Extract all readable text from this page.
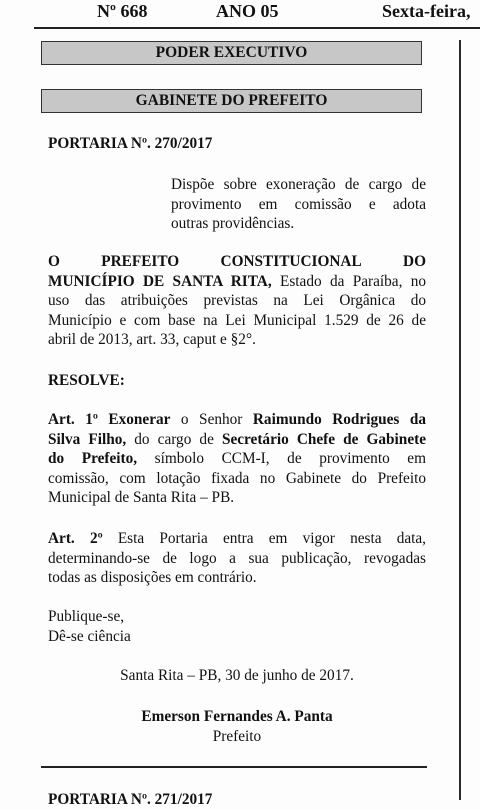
Nº 668	ANO 05	Sexta-feira,
PODER EXECUTIVO
GABINETE DO PREFEITO
PORTARIA Nº. 270/2017
Dispõe sobre exoneração de cargo de
provimento em comissão e adota
outras providências.
O	PREFEITO	CONSTITUCIONAL	DO
MUNICÍPIO DE SANTA RITA, Estado da Paraíba, no
uso das atribuições previstas na Lei Orgânica do
Município e com base na Lei Municipal 1.529 de 26 de
abril de 2013, art. 33, caput e §2°.
RESOLVE:
Art. 1º Exonerar o Senhor Raimundo Rodrigues da
Silva Filho, do cargo de Secretário Chefe de Gabinete
do Prefeito, símbolo CCM-I, de provimento em
comissão, com lotação fixada no Gabinete do Prefeito
Municipal de Santa Rita – PB.
Art. 2º Esta Portaria entra em vigor nesta data,
determinando-se de logo a sua publicação, revogadas
todas as disposições em contrário.
Publique-se,
Dê-se ciência
Santa Rita – PB, 30 de junho de 2017.
Emerson Fernandes A. Panta
Prefeito
PORTARIA Nº. 271/2017
